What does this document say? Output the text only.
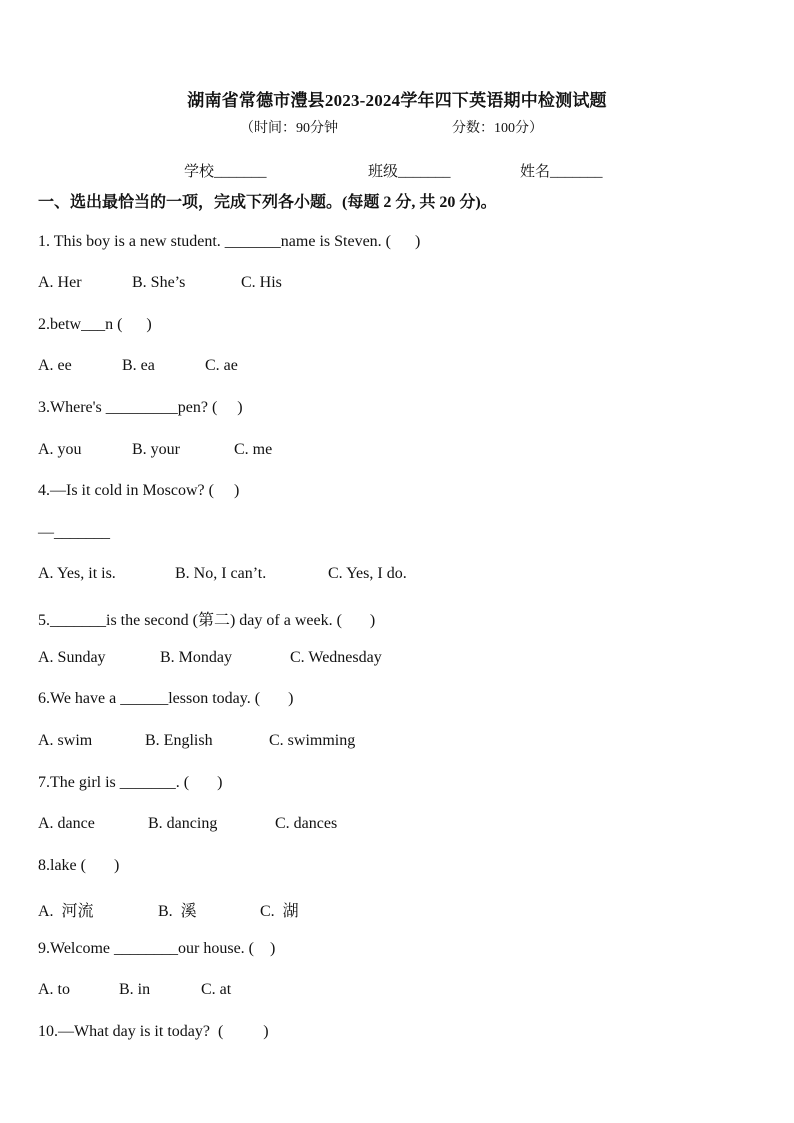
湖南省常德市澧县2023-2024学年四下英语期中检测试题
（时间：90分钟	分数：100分）
学校_______	班级_______	姓名_______
一、选出最恰当的一项，完成下列各小题。(每题 2 分, 共 20 分)。
1. This boy is a new student. _______name is Steven. (      )
A. Her	B. She’s	C. His
2.betw___n (      )
A. ee	B. ea	C. ae
3.Where's _________pen? (     )
A. you	B. your	C. me
4.—Is it cold in Moscow? (     )
—_______
A. Yes, it is.	B. No, I can’t.	C. Yes, I do.
5._______is the second (第二) day of a week. (       )
A. Sunday	B. Monday	C. Wednesday
6.We have a ______lesson today. (       )
A. swim	B. English	C. swimming
7.The girl is _______. (       )
A. dance	B. dancing	C. dances
8.lake (       )
A.  河流	B.  溪	C.  湖
9.Welcome ________our house. (    )
A. to	B. in	C. at
10.—What day is it today?  (          )
